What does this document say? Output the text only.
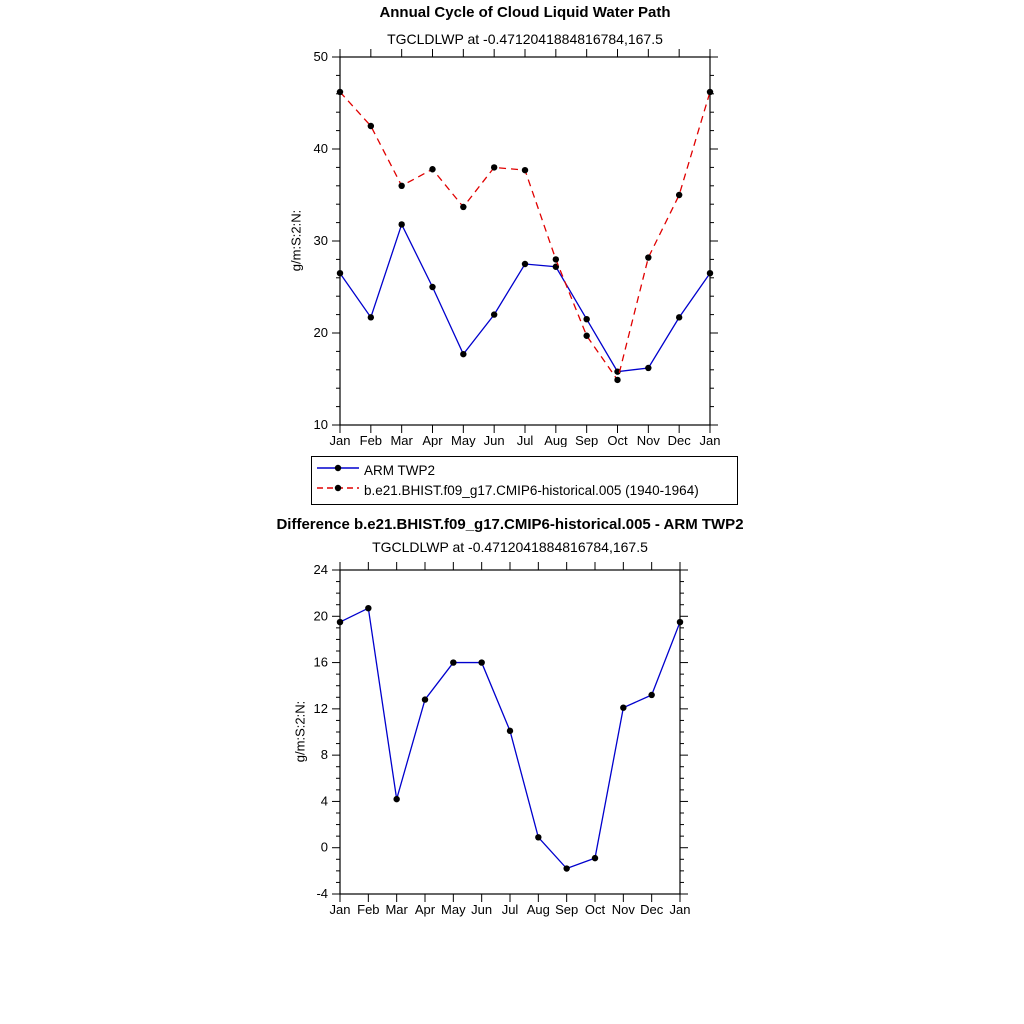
Annual Cycle of Cloud Liquid Water Path
TGCLDLWP at -0.4712041884816784,167.5
g/m:S:2:N:
10
20
30
40
50
Jan Feb Mar Apr May Jun Jul Aug Sep Oct Nov Dec Jan
ARM TWP2
b.e21.BHIST.f09_g17.CMIP6-historical.005 (1940-1964)
Difference b.e21.BHIST.f09_g17.CMIP6-historical.005 - ARM TWP2
TGCLDLWP at -0.4712041884816784,167.5
g/m:S:2:N:
-4
0
4
8
12
16
20
24
Jan Feb Mar Apr May Jun Jul Aug Sep Oct Nov Dec Jan
